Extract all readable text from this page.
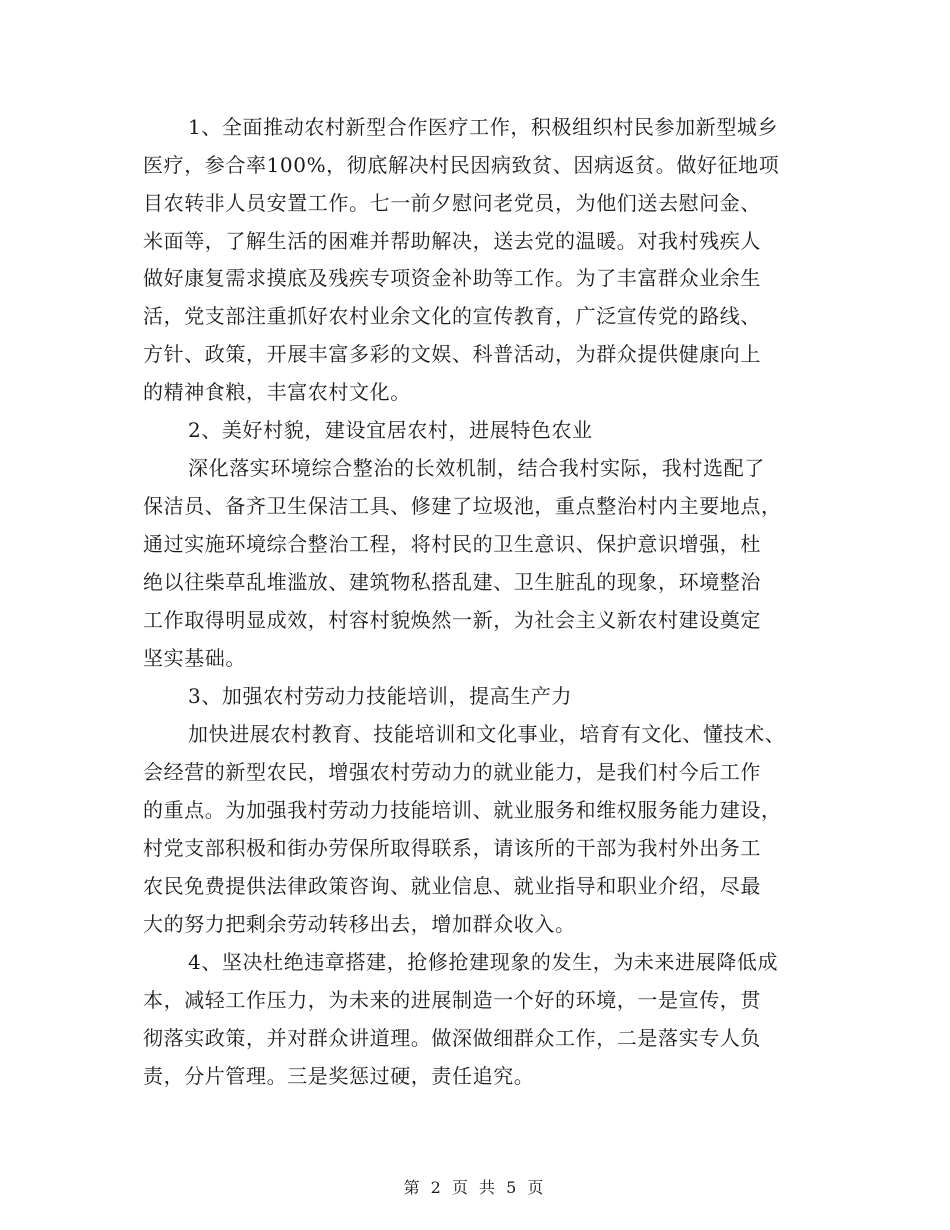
1、全面推动农村新型合作医疗工作，积极组织村民参加新型城乡
医疗，参合率100%，彻底解决村民因病致贫、因病返贫。做好征地项
目农转非人员安置工作。七一前夕慰问老党员，为他们送去慰问金、
米面等，了解生活的困难并帮助解决，送去党的温暖。对我村残疾人
做好康复需求摸底及残疾专项资金补助等工作。为了丰富群众业余生
活，党支部注重抓好农村业余文化的宣传教育，广泛宣传党的路线、
方针、政策，开展丰富多彩的文娱、科普活动，为群众提供健康向上
的精神食粮，丰富农村文化。
2、美好村貌，建设宜居农村，进展特色农业
深化落实环境综合整治的长效机制，结合我村实际，我村选配了
保洁员、备齐卫生保洁工具、修建了垃圾池，重点整治村内主要地点，
通过实施环境综合整治工程，将村民的卫生意识、保护意识增强，杜
绝以往柴草乱堆滥放、建筑物私搭乱建、卫生脏乱的现象，环境整治
工作取得明显成效，村容村貌焕然一新，为社会主义新农村建设奠定
坚实基础。
3、加强农村劳动力技能培训，提高生产力
加快进展农村教育、技能培训和文化事业，培育有文化、懂技术、
会经营的新型农民，增强农村劳动力的就业能力，是我们村今后工作
的重点。为加强我村劳动力技能培训、就业服务和维权服务能力建设，
村党支部积极和街办劳保所取得联系，请该所的干部为我村外出务工
农民免费提供法律政策咨询、就业信息、就业指导和职业介绍，尽最
大的努力把剩余劳动转移出去，增加群众收入。
4、坚决杜绝违章搭建，抢修抢建现象的发生，为未来进展降低成
本，减轻工作压力，为未来的进展制造一个好的环境，一是宣传，贯
彻落实政策，并对群众讲道理。做深做细群众工作，二是落实专人负
责，分片管理。三是奖惩过硬，责任追究。
第 2 页 共 5 页
